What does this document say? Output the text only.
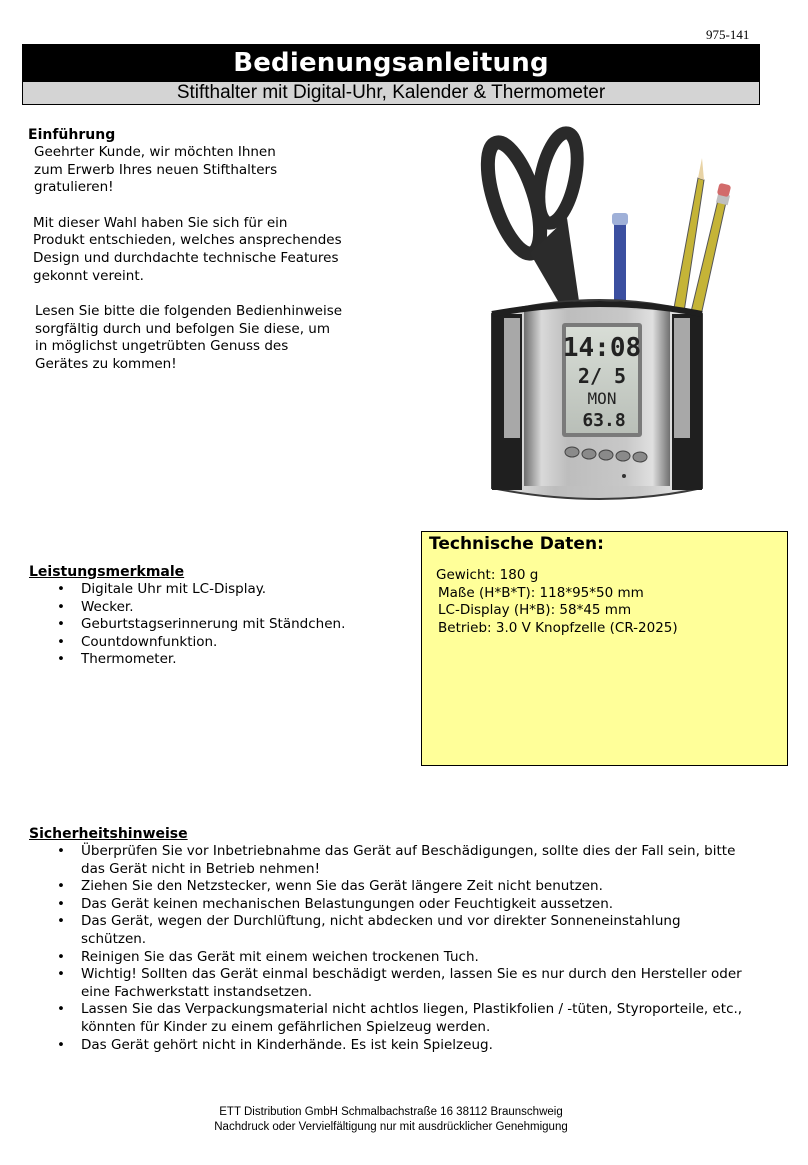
975-141
Bedienungsanleitung
Stifthalter mit Digital-Uhr, Kalender & Thermometer
Einführung

Geehrter Kunde, wir möchten Ihnen zum Erwerb Ihres neuen Stifthalters gratulieren!

Mit dieser Wahl haben Sie sich für ein Produkt entschieden, welches ansprechendes Design und durchdachte technische Features gekonnt vereint.

Lesen Sie bitte die folgenden Bedienhinweise sorgfältig durch und befolgen Sie diese, um in möglichst ungetrübten Genuss des Gerätes zu kommen!

14:08
2/ 5
MON
63.8
Technische Daten:
Gewicht: 180 g
Maße (H*B*T): 118*95*50 mm
LC-Display (H*B): 58*45 mm
Betrieb: 3.0 V Knopfzelle (CR-2025)
Leistungsmerkmale
• Digitale Uhr mit LC-Display.
• Wecker.
• Geburtstagserinnerung mit Ständchen.
• Countdownfunktion.
• Thermometer.
Sicherheitshinweise
• Überprüfen Sie vor Inbetriebnahme das Gerät auf Beschädigungen, sollte dies der Fall sein, bitte das Gerät nicht in Betrieb nehmen!
• Ziehen Sie den Netzstecker, wenn Sie das Gerät längere Zeit nicht benutzen.
• Das Gerät keinen mechanischen Belastungungen oder Feuchtigkeit aussetzen.
• Das Gerät, wegen der Durchlüftung, nicht abdecken und vor direkter Sonneneinstahlung schützen.
• Reinigen Sie das Gerät mit einem weichen trockenen Tuch.
• Wichtig! Sollten das Gerät einmal beschädigt werden, lassen Sie es nur durch den Hersteller oder eine Fachwerkstatt instandsetzen.
• Lassen Sie das Verpackungsmaterial nicht achtlos liegen, Plastikfolien / -tüten, Styroporteile, etc., könnten für Kinder zu einem gefährlichen Spielzeug werden.
• Das Gerät gehört nicht in Kinderhände. Es ist kein Spielzeug.
ETT Distribution GmbH Schmalbachstraße 16 38112 Braunschweig
Nachdruck oder Vervielfältigung nur mit ausdrücklicher Genehmigung
